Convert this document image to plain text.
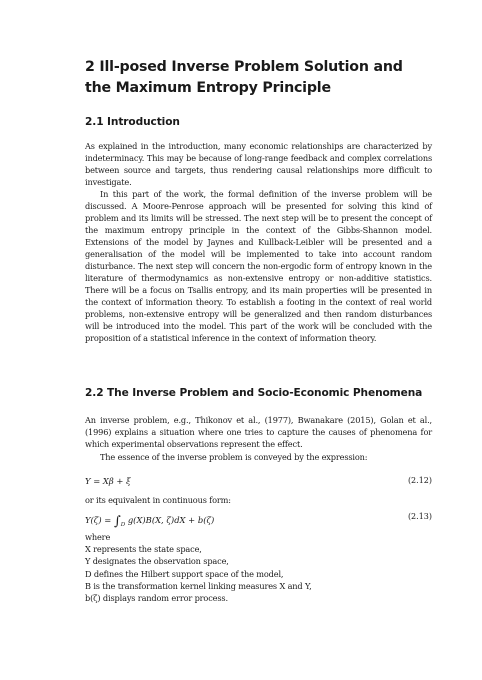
2 Ill-posed Inverse Problem Solution and the Maximum Entropy Principle
2.1 Introduction

As explained in the introduction, many economic relationships are characterized by indeterminacy. This may be because of long-range feedback and complex correlations between source and targets, thus rendering causal relationships more difficult to investigate.

In this part of the work, the formal definition of the inverse problem will be discussed. A Moore-Penrose approach will be presented for solving this kind of problem and its limits will be stressed. The next step will be to present the concept of the maximum entropy principle in the context of the Gibbs-Shannon model. Extensions of the model by Jaynes and Kullback-Leibler will be presented and a generalisation of the model will be implemented to take into account random disturbance. The next step will concern the non-ergodic form of entropy known in the literature of thermodynamics as non-extensive entropy or non-additive statistics. There will be a focus on Tsallis entropy, and its main properties will be presented in the context of information theory. To establish a footing in the context of real world problems, non-extensive entropy will be generalized and then random disturbances will be introduced into the model. This part of the work will be concluded with the proposition of a statistical inference in the context of information theory.

2.2 The Inverse Problem and Socio-Economic Phenomena

An inverse problem, e.g., Thikonov et al., (1977), Bwanakare (2015), Golan et al., (1996) explains a situation where one tries to capture the causes of phenomena for which experimental observations represent the effect.

The essence of the inverse problem is conveyed by the expression:

Y = Xβ + ξ	(2.12)

or its equivalent in continuous form:

$Y(\zeta) = \int_D$ g(X)B(X, ζ)dX + b(ζ)	(2.13)
where
X represents the state space,
Y designates the observation space,
D defines the Hilbert support space of the model,
B is the transformation kernel linking measures X and Y,
b(ζ) displays random error process.
